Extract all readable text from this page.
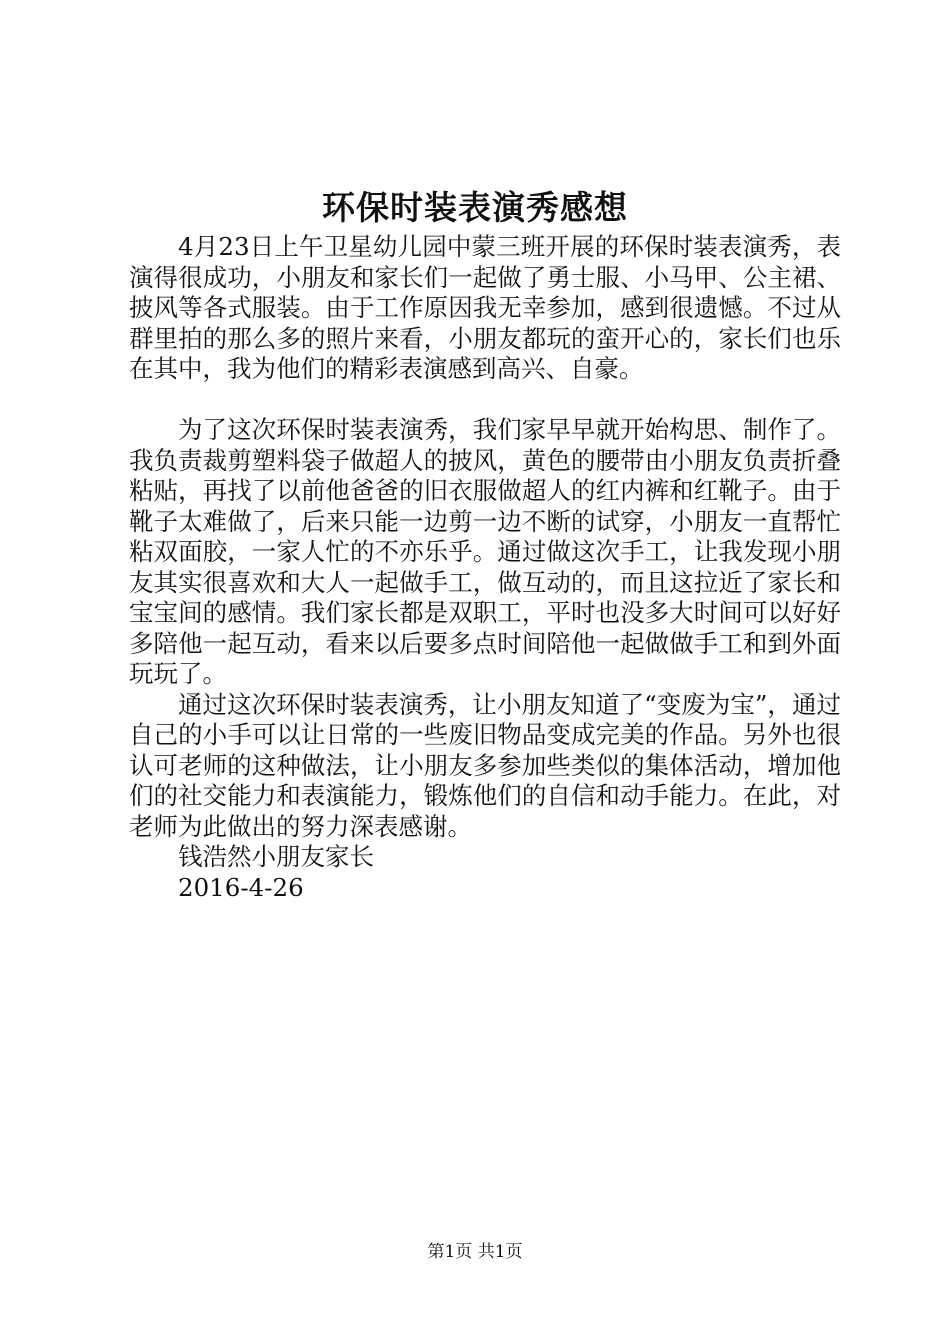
环保时装表演秀感想

4月23日上午卫星幼儿园中蒙三班开展的环保时装表演秀，表演得很成功，小朋友和家长们一起做了勇士服、小马甲、公主裙、披风等各式服装。由于工作原因我无幸参加，感到很遗憾。不过从群里拍的那么多的照片来看，小朋友都玩的蛮开心的，家长们也乐在其中，我为他们的精彩表演感到高兴、自豪。

为了这次环保时装表演秀，我们家早早就开始构思、制作了。我负责裁剪塑料袋子做超人的披风，黄色的腰带由小朋友负责折叠粘贴，再找了以前他爸爸的旧衣服做超人的红内裤和红靴子。由于靴子太难做了，后来只能一边剪一边不断的试穿，小朋友一直帮忙粘双面胶，一家人忙的不亦乐乎。通过做这次手工，让我发现小朋友其实很喜欢和大人一起做手工，做互动的，而且这拉近了家长和宝宝间的感情。我们家长都是双职工，平时也没多大时间可以好好多陪他一起互动，看来以后要多点时间陪他一起做做手工和到外面玩玩了。

通过这次环保时装表演秀，让小朋友知道了“变废为宝”，通过自己的小手可以让日常的一些废旧物品变成完美的作品。另外也很认可老师的这种做法，让小朋友多参加些类似的集体活动，增加他们的社交能力和表演能力，锻炼他们的自信和动手能力。在此，对老师为此做出的努力深表感谢。

钱浩然小朋友家长

2016-4-26

第1页 共1页
